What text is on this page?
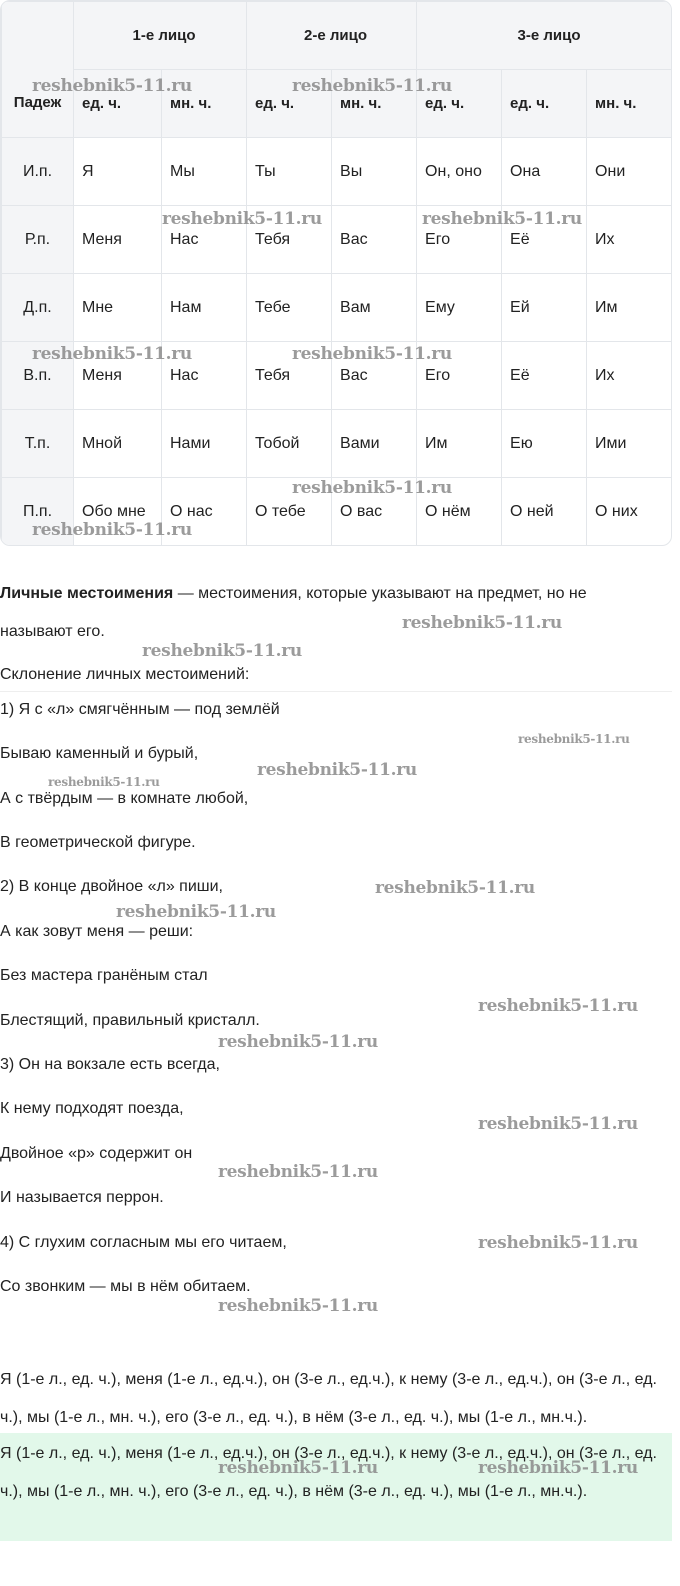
Падеж	1-е лицо		2-е лицо		3-е лицо		
	ед. ч.	мн. ч.	ед. ч.	мн. ч.	ед. ч.	ед. ч.	мн. ч.
И.п.	Я	Мы	Ты	Вы	Он, оно	Она	Они
Р.п.	Меня	Нас	Тебя	Вас	Его	Её	Их
Д.п.	Мне	Нам	Тебе	Вам	Ему	Ей	Им
В.п.	Меня	Нас	Тебя	Вас	Его	Её	Их
Т.п.	Мной	Нами	Тобой	Вами	Им	Ею	Ими
П.п.	Обо мне	О нас	О тебе	О вас	О нём	О ней	О них
Личные местоимения — местоимения, которые указывают на предмет, но не называют его.
Склонение личных местоимений:
1) Я с «л» смягчённым — под землёй
Бываю каменный и бурый,
А с твёрдым — в комнате любой,
В геометрической фигуре.
2) В конце двойное «л» пиши,
А как зовут меня — реши:
Без мастера гранёным стал
Блестящий, правильный кристалл.
3) Он на вокзале есть всегда,
К нему подходят поезда,
Двойное «р» содержит он
И называется перрон.
4) С глухим согласным мы его читаем,
Со звонким — мы в нём обитаем.
Я (1-е л., ед. ч.), меня (1-е л., ед.ч.), он (3-е л., ед.ч.), к нему (3-е л., ед.ч.), он (3-е л., ед. ч.), мы (1-е л., мн. ч.), его (3-е л., ед. ч.), в нём (3-е л., ед. ч.), мы (1-е л., мн.ч.).
Я (1-е л., ед. ч.), меня (1-е л., ед.ч.), он (3-е л., ед.ч.), к нему (3-е л., ед.ч.), он (3-е л., ед. ч.), мы (1-е л., мн. ч.), его (3-е л., ед. ч.), в нём (3-е л., ед. ч.), мы (1-е л., мн.ч.).
reshebnik5-11.ru	reshebnik5-11.ru
reshebnik5-11.ru	reshebnik5-11.ru
reshebnik5-11.ru	reshebnik5-11.ru
reshebnik5-11.ru
reshebnik5-11.ru
reshebnik5-11.ru
reshebnik5-11.ru
reshebnik5-11.ru
reshebnik5-11.ru
reshebnik5-11.ru
reshebnik5-11.ru
reshebnik5-11.ru
reshebnik5-11.ru
reshebnik5-11.ru
reshebnik5-11.ru
reshebnik5-11.ru
reshebnik5-11.ru
reshebnik5-11.ru
reshebnik5-11.ru	reshebnik5-11.ru
